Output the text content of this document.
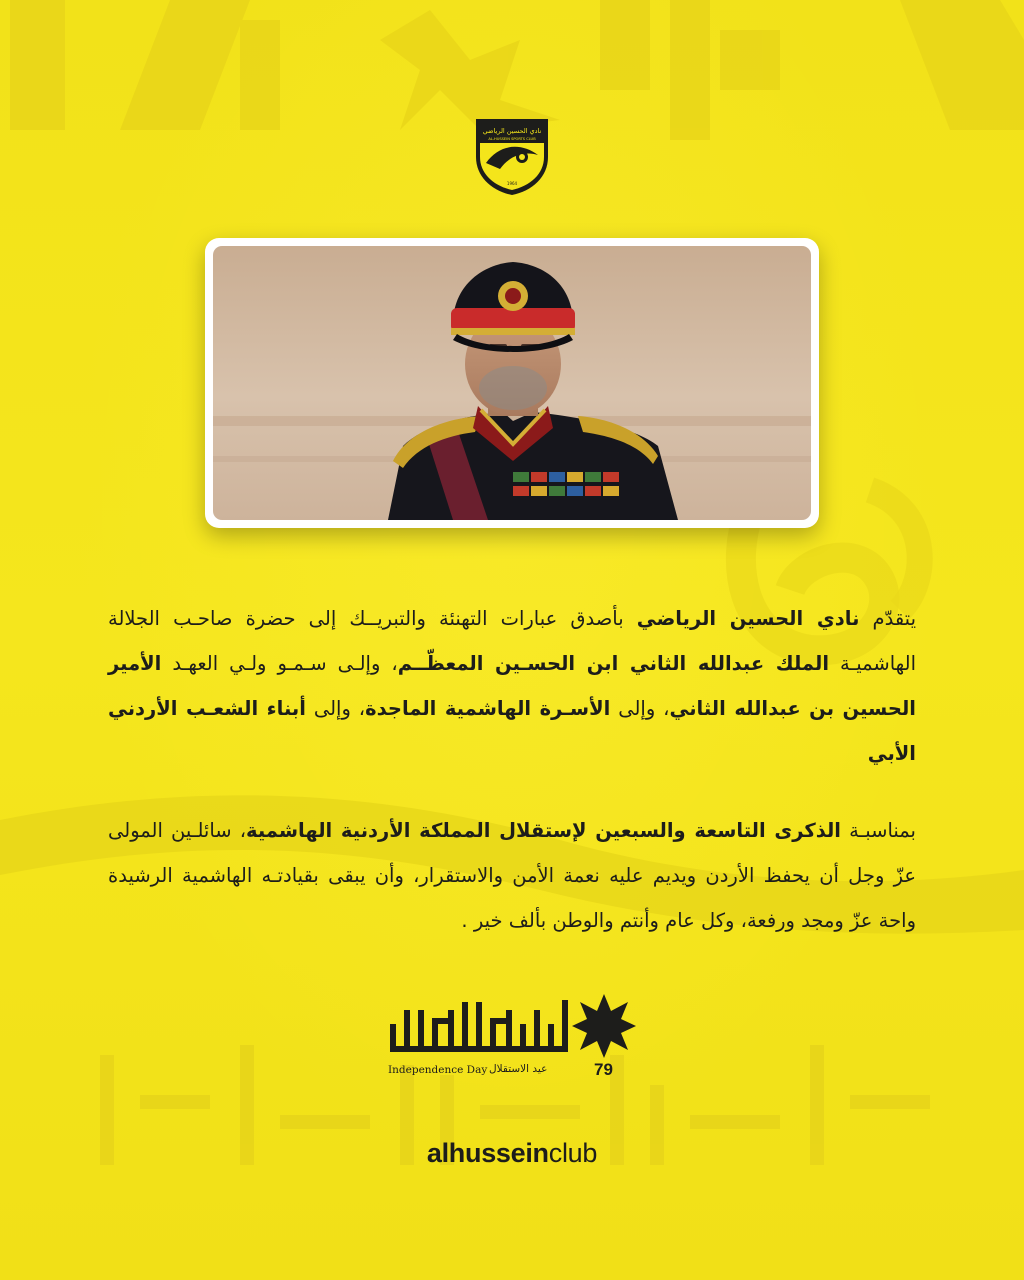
نادي الحسين الرياضي
AL-HUSSEIN SPORTS CLUB
1964
يتقدّم نادي الحسين الرياضي بأصدق عبارات التهنئة والتبريــك إلى حضرة صاحـب الجلالة الهاشميـة الملك عبدالله الثاني ابن الحسـين المعظّــم، وإلـى سـمـو ولـي العهـد الأمير الحسين بن عبدالله الثاني، وإلى الأسـرة الهاشمية الماجدة، وإلى أبناء الشعـب الأردني الأبي
بمناسبـة الذكرى التاسعة والسبعين لإستقلال المملكة الأردنية الهاشمية، سائلـين المولى عزّ وجل أن يحفظ الأردن ويديم عليه نعمة الأمن والاستقرار، وأن يبقى بقيادتـه الهاشمية الرشيدة واحة عزّ ومجد ورفعة، وكل عام وأنتم والوطن بألف خير .
استقلال
Independence Day عيد الاستقلال	79
alhusseinclub
